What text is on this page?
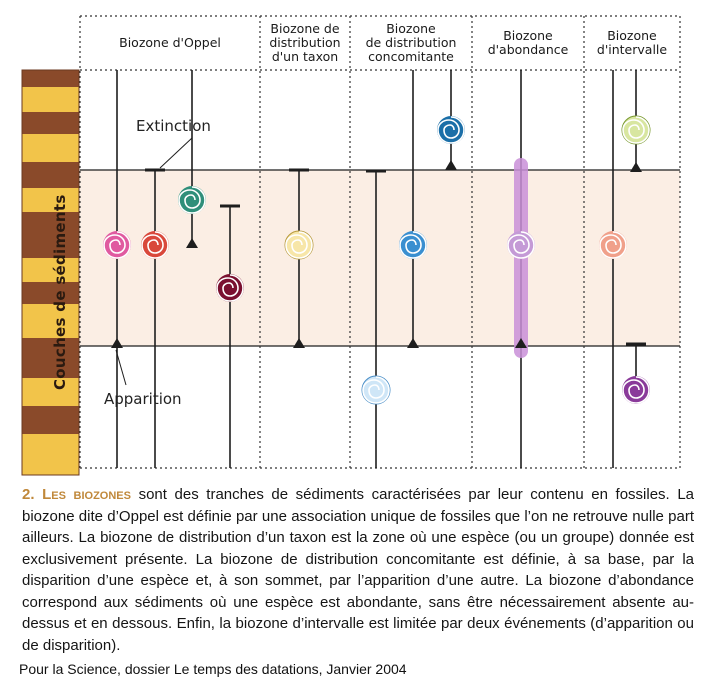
Biozone d'Oppel
Biozone de
distribution
d'un taxon
Biozone
de distribution
concomitante
Biozone
d'abondance
Biozone
d'intervalle
Extinction
Apparition
Couches de sédiments
2. Les biozones sont des tranches de sédiments caractérisées par leur contenu en fossiles. La biozone dite d’Oppel est définie par une association unique de fossiles que l’on ne retrouve nulle part ailleurs. La biozone de distribution d’un taxon est la zone où une espèce (ou un groupe) donnée est exclusivement présente. La biozone de distribution concomitante est définie, à sa base, par la disparition d’une espèce et, à son sommet, par l’apparition d’une autre. La biozone d’abondance correspond aux sédiments où une espèce est abondante, sans être nécessairement absente au-dessus et en dessous. Enfin, la biozone d’intervalle est limitée par deux événements (d’apparition ou de disparition).
Pour la Science, dossier Le temps des datations, Janvier 2004
